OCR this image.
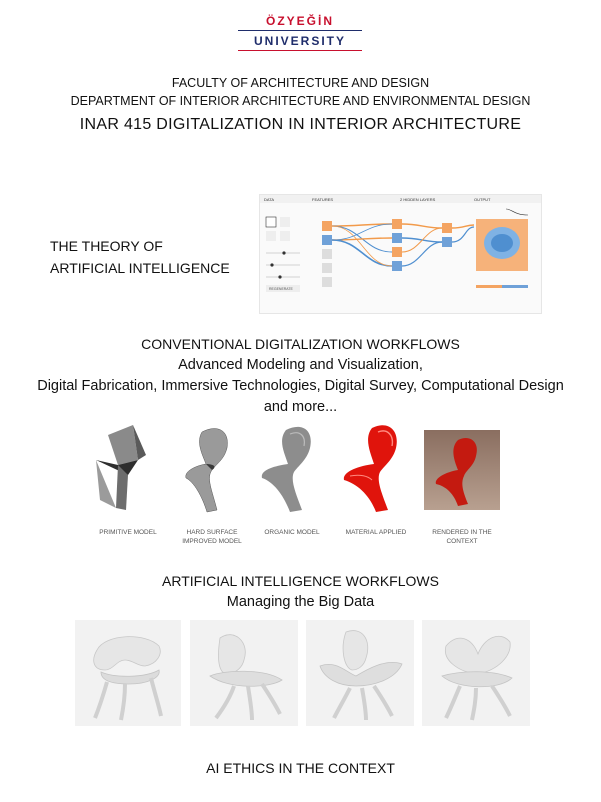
ÖZYEĞİN
UNIVERSITY
FACULTY OF ARCHITECTURE AND DESIGN
DEPARTMENT OF INTERIOR ARCHITECTURE AND ENVIRONMENTAL DESIGN
INAR 415 DIGITALIZATION IN INTERIOR ARCHITECTURE
THE THEORY OF
ARTIFICIAL INTELLIGENCE
DATA	FEATURES	2 HIDDEN LAYERS	OUTPUT
REGENERATE
CONVENTIONAL DIGITALIZATION WORKFLOWS
Advanced Modeling and Visualization,
Digital Fabrication, Immersive Technologies, Digital Survey, Computational Design
and more...
PRIMITIVE MODEL	HARD SURFACE
IMPROVED MODEL
ORGANIC MODEL	MATERIAL APPLIED	RENDERED IN THE
CONTEXT
ARTIFICIAL INTELLIGENCE WORKFLOWS
Managing the Big Data
AI ETHICS IN THE CONTEXT
